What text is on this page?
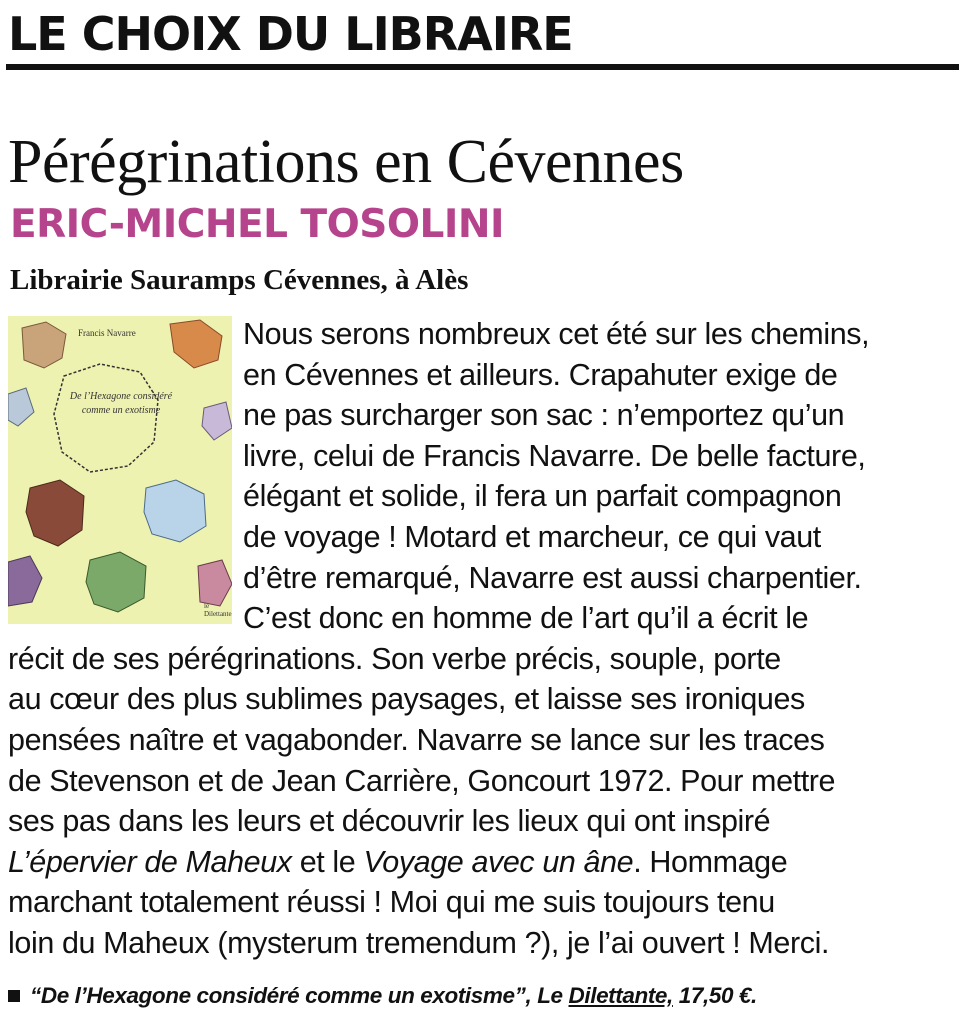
LE CHOIX DU LIBRAIRE
Pérégrinations en Cévennes
ERIC-MICHEL TOSOLINI
Librairie Sauramps Cévennes, à Alès
Francis Navarre
De l’Hexagone considéré comme un exotisme
le Dilettante
Nous serons nombreux cet été sur les chemins,
en Cévennes et ailleurs. Crapahuter exige de
ne pas surcharger son sac : n’emportez qu’un
livre, celui de Francis Navarre. De belle facture,
élégant et solide, il fera un parfait compagnon
de voyage ! Motard et marcheur, ce qui vaut
d’être remarqué, Navarre est aussi charpentier.
C’est donc en homme de l’art qu’il a écrit le
récit de ses pérégrinations. Son verbe précis, souple, porte
au cœur des plus sublimes paysages, et laisse ses ironiques
pensées naître et vagabonder. Navarre se lance sur les traces
de Stevenson et de Jean Carrière, Goncourt 1972. Pour mettre
ses pas dans les leurs et découvrir les lieux qui ont inspiré
L’épervier de Maheux et le Voyage avec un âne. Hommage
marchant totalement réussi ! Moi qui me suis toujours tenu
loin du Maheux (mysterum tremendum ?), je l’ai ouvert ! Merci.
“De l’Hexagone considéré comme un exotisme”, Le Dilettante, 17,50 €.
